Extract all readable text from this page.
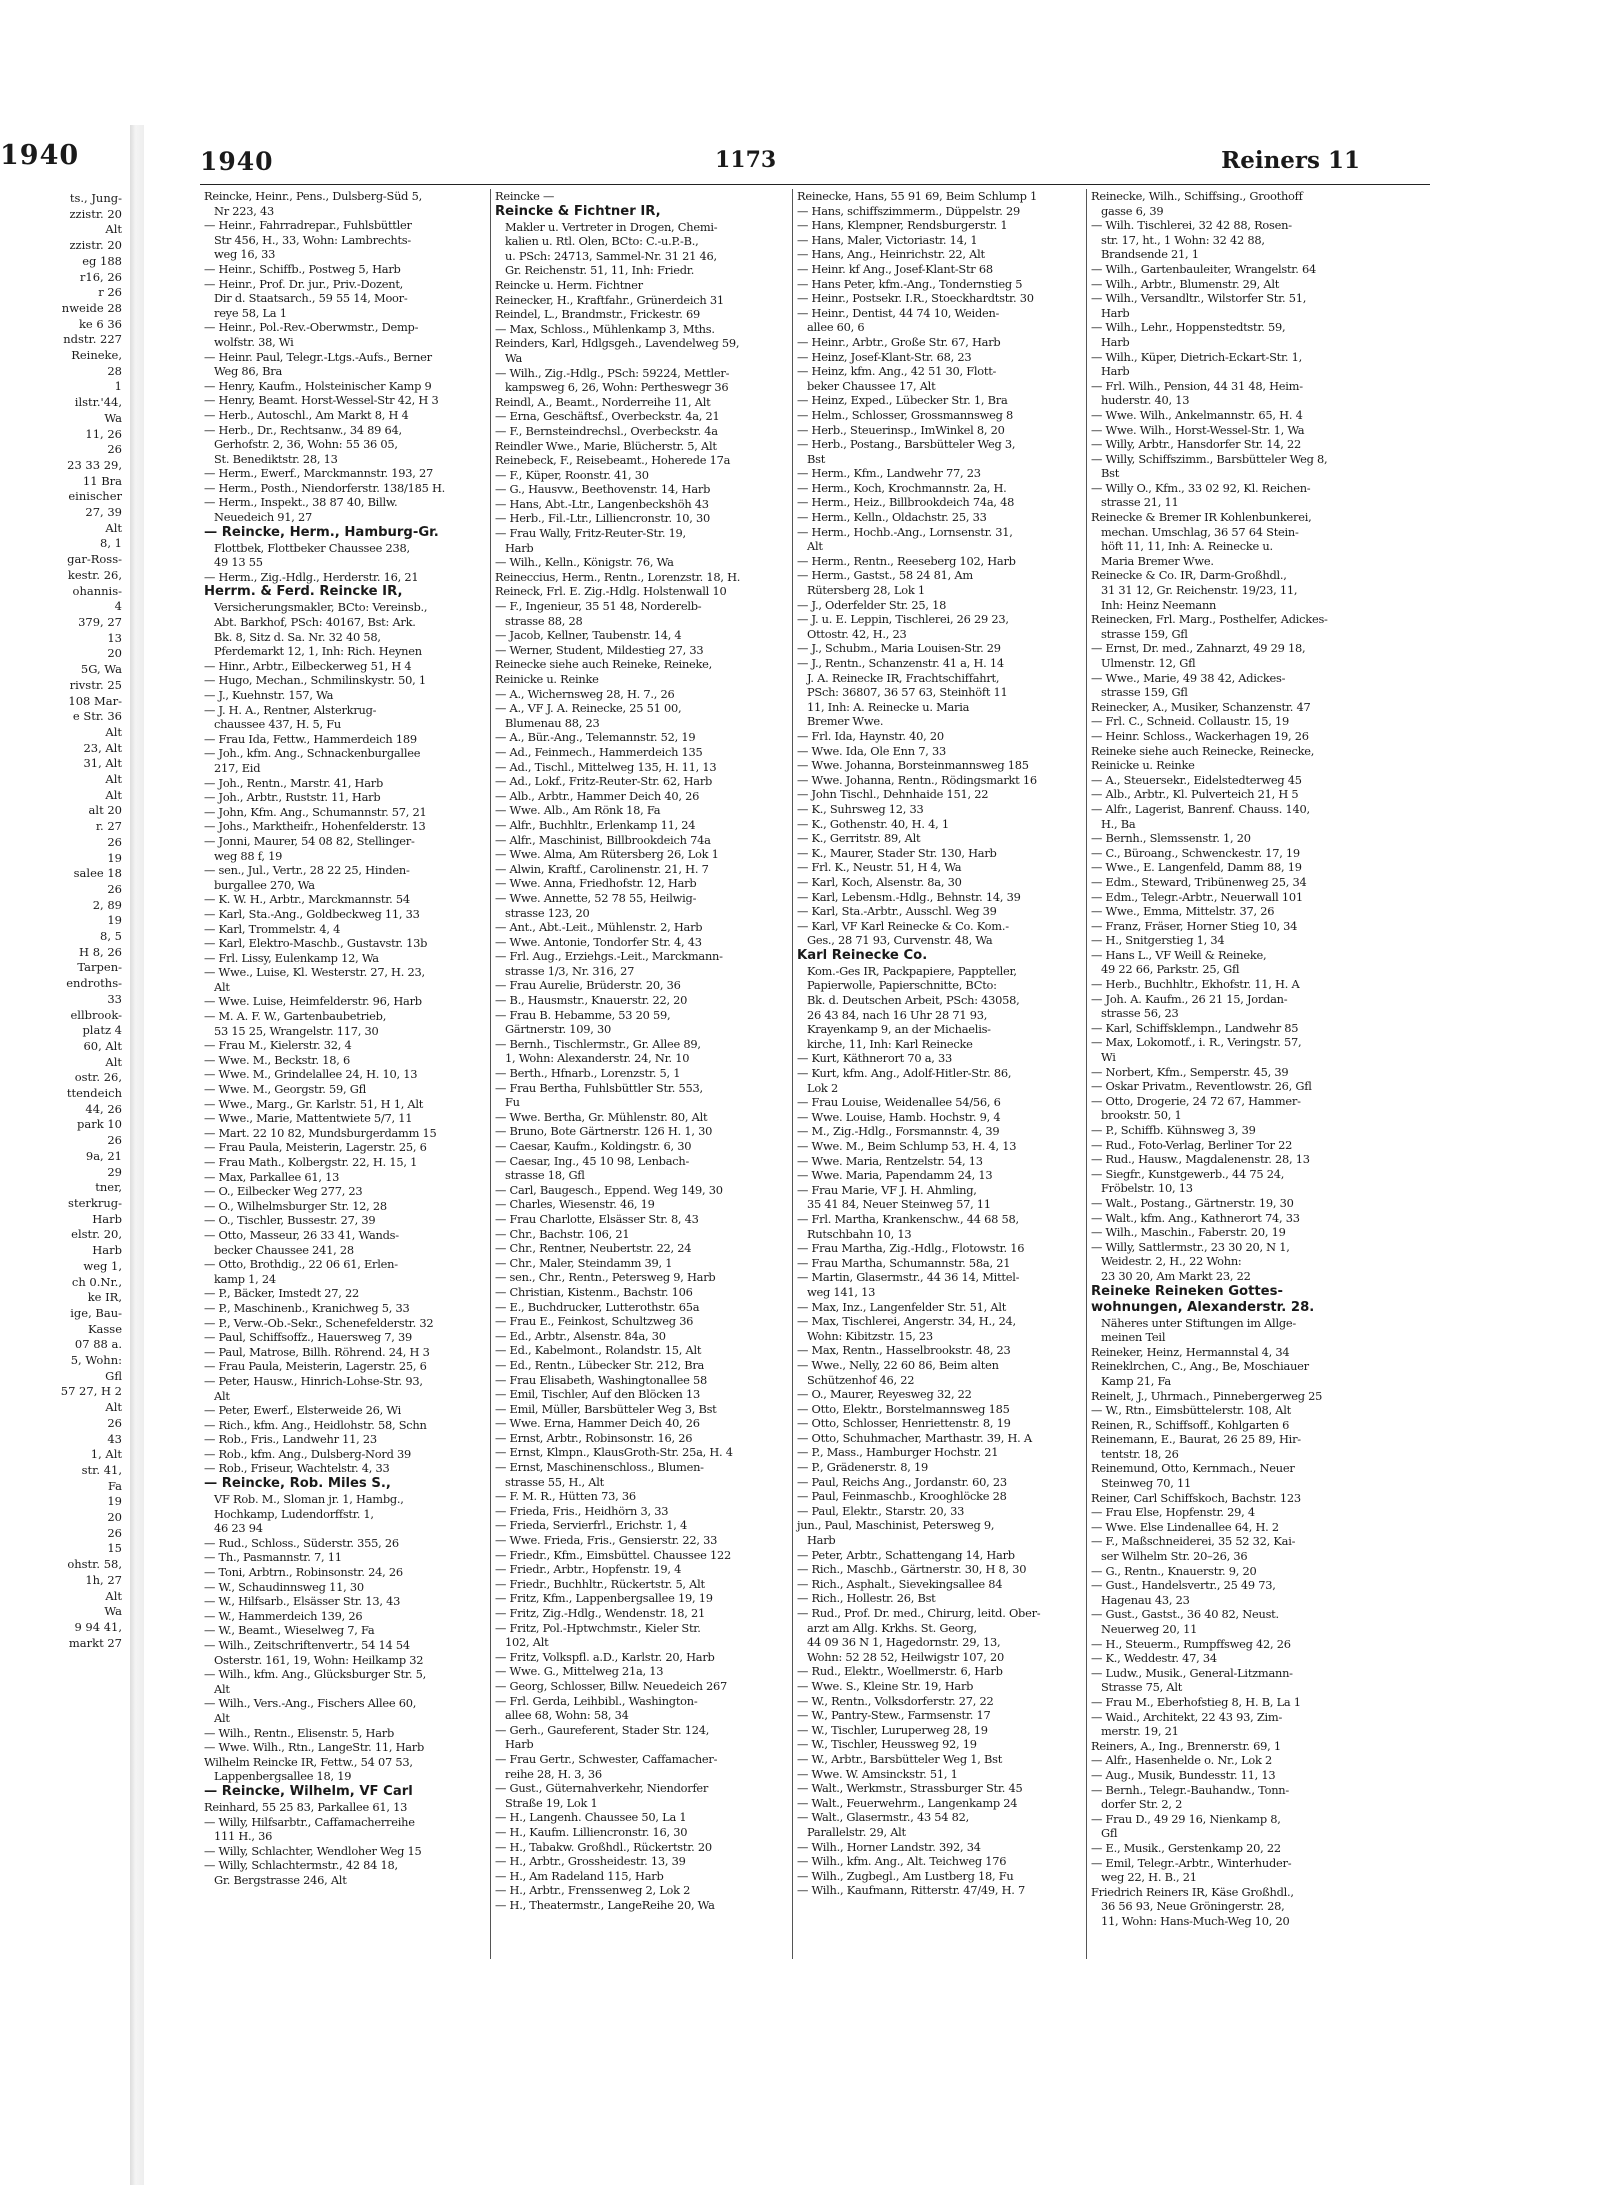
1940
ts., Jung-
zzistr. 20
Alt
zzistr. 20
eg 188
r16, 26
r 26
nweide 28
ke 6 36
ndstr. 227
Reineke,
28
1
ilstr.'44,
Wa
11, 26
26
23 33 29,
11 Bra
einischer
27, 39
Alt
8, 1
gar-Ross-
kestr. 26,
ohannis-
4
379, 27
13
20
5G, Wa
rivstr. 25
108 Mar-
e Str. 36
Alt
23, Alt
31, Alt
Alt
Alt
alt 20
r. 27
26
19
salee 18
26
2, 89
19
8, 5
H 8, 26
Tarpen-
endroths-
33
ellbrook-
platz 4
60, Alt
Alt
ostr. 26,
ttendeich
44, 26
park 10
26
9a, 21
29
tner,
sterkrug-
Harb
elstr. 20,
Harb
weg 1,
ch 0.Nr.,
ke IR,
ige, Bau-
Kasse
07 88 a.
5, Wohn:
Gfl
57 27, H 2
Alt
26
43
1, Alt
str. 41,
Fa
19
20
26
15
ohstr. 58,
1h, 27
Alt
Wa
9 94 41,
markt 27
1940	1173	Reiners 11
Reincke, Heinr., Pens., Dulsberg-Süd 5,
Nr 223, 43
— Heinr., Fahrradrepar., Fuhlsbüttler
Str 456, H., 33, Wohn: Lambrechts-
weg 16, 33
— Heinr., Schiffb., Postweg 5, Harb
— Heinr., Prof. Dr. jur., Priv.-Dozent,
Dir d. Staatsarch., 59 55 14, Moor-
reye 58, La 1
— Heinr., Pol.-Rev.-Oberwmstr., Demp-
wolfstr. 38, Wi
— Heinr. Paul, Telegr.-Ltgs.-Aufs., Berner
Weg 86, Bra
— Henry, Kaufm., Holsteinischer Kamp 9
— Henry, Beamt. Horst-Wessel-Str 42, H 3
— Herb., Autoschl., Am Markt 8, H 4
— Herb., Dr., Rechtsanw., 34 89 64,
Gerhofstr. 2, 36, Wohn: 55 36 05,
St. Benediktstr. 28, 13
— Herm., Ewerf., Marckmannstr. 193, 27
— Herm., Posth., Niendorferstr. 138/185 H.
— Herm., Inspekt., 38 87 40, Billw.
Neuedeich 91, 27
— Reincke, Herm., Hamburg-Gr.
Flottbek, Flottbeker Chaussee 238,
49 13 55
— Herm., Zig.-Hdlg., Herderstr. 16, 21
Herrm. & Ferd. Reincke IR,
Versicherungsmakler, BCto: Vereinsb.,
Abt. Barkhof, PSch: 40167, Bst: Ark.
Bk. 8, Sitz d. Sa. Nr. 32 40 58,
Pferdemarkt 12, 1, Inh: Rich. Heynen
— Hinr., Arbtr., Eilbeckerweg 51, H 4
— Hugo, Mechan., Schmilinskystr. 50, 1
— J., Kuehnstr. 157, Wa
— J. H. A., Rentner, Alsterkrug-
chaussee 437, H. 5, Fu
— Frau Ida, Fettw., Hammerdeich 189
— Joh., kfm. Ang., Schnackenburgallee
217, Eid
— Joh., Rentn., Marstr. 41, Harb
— Joh., Arbtr., Ruststr. 11, Harb
— John, Kfm. Ang., Schumannstr. 57, 21
— Johs., Marktheifr., Hohenfelderstr. 13
— Jonni, Maurer, 54 08 82, Stellinger-
weg 88 f, 19
— sen., Jul., Vertr., 28 22 25, Hinden-
burgallee 270, Wa
— K. W. H., Arbtr., Marckmannstr. 54
— Karl, Sta.-Ang., Goldbeckweg 11, 33
— Karl, Trommelstr. 4, 4
— Karl, Elektro-Maschb., Gustavstr. 13b
— Frl. Lissy, Eulenkamp 12, Wa
— Wwe., Luise, Kl. Westerstr. 27, H. 23,
Alt
— Wwe. Luise, Heimfelderstr. 96, Harb
— M. A. F. W., Gartenbaubetrieb,
53 15 25, Wrangelstr. 117, 30
— Frau M., Kielerstr. 32, 4
— Wwe. M., Beckstr. 18, 6
— Wwe. M., Grindelallee 24, H. 10, 13
— Wwe. M., Georgstr. 59, Gfl
— Wwe., Marg., Gr. Karlstr. 51, H 1, Alt
— Wwe., Marie, Mattentwiete 5/7, 11
— Mart. 22 10 82, Mundsburgerdamm 15
— Frau Paula, Meisterin, Lagerstr. 25, 6
— Frau Math., Kolbergstr. 22, H. 15, 1
— Max, Parkallee 61, 13
— O., Eilbecker Weg 277, 23
— O., Wilhelmsburger Str. 12, 28
— O., Tischler, Bussestr. 27, 39
— Otto, Masseur, 26 33 41, Wands-
becker Chaussee 241, 28
— Otto, Brothdig., 22 06 61, Erlen-
kamp 1, 24
— P., Bäcker, Imstedt 27, 22
— P., Maschinenb., Kranichweg 5, 33
— P., Verw.-Ob.-Sekr., Schenefelderstr. 32
— Paul, Schiffsoffz., Hauersweg 7, 39
— Paul, Matrose, Billh. Röhrend. 24, H 3
— Frau Paula, Meisterin, Lagerstr. 25, 6
— Peter, Hausw., Hinrich-Lohse-Str. 93,
Alt
— Peter, Ewerf., Elsterweide 26, Wi
— Rich., kfm. Ang., Heidlohstr. 58, Schn
— Rob., Fris., Landwehr 11, 23
— Rob., kfm. Ang., Dulsberg-Nord 39
— Rob., Friseur, Wachtelstr. 4, 33
— Reincke, Rob. Miles S.,
VF Rob. M., Sloman jr. 1, Hambg.,
Hochkamp, Ludendorffstr. 1,
46 23 94
— Rud., Schloss., Süderstr. 355, 26
— Th., Pasmannstr. 7, 11
— Toni, Arbtrn., Robinsonstr. 24, 26
— W., Schaudinnsweg 11, 30
— W., Hilfsarb., Elsässer Str. 13, 43
— W., Hammerdeich 139, 26
— W., Beamt., Wieselweg 7, Fa
— Wilh., Zeitschriftenvertr., 54 14 54
Osterstr. 161, 19, Wohn: Heilkamp 32
— Wilh., kfm. Ang., Glücksburger Str. 5,
Alt
— Wilh., Vers.-Ang., Fischers Allee 60,
Alt
— Wilh., Rentn., Elisenstr. 5, Harb
— Wwe. Wilh., Rtn., LangeStr. 11, Harb
Wilhelm Reincke IR, Fettw., 54 07 53,
Lappenbergsallee 18, 19
— Reincke, Wilhelm, VF Carl
Reinhard, 55 25 83, Parkallee 61, 13
— Willy, Hilfsarbtr., Caffamacherreihe
111 H., 36
— Willy, Schlachter, Wendloher Weg 15
— Willy, Schlachtermstr., 42 84 18,
Gr. Bergstrasse 246, Alt
Reincke —
Reincke & Fichtner IR,
Makler u. Vertreter in Drogen, Chemi-
kalien u. Rtl. Olen, BCto: C.-u.P.-B.,
u. PSch: 24713, Sammel-Nr. 31 21 46,
Gr. Reichenstr. 51, 11, Inh: Friedr.
Reincke u. Herm. Fichtner
Reinecker, H., Kraftfahr., Grünerdeich 31
Reindel, L., Brandmstr., Frickestr. 69
— Max, Schloss., Mühlenkamp 3, Mths.
Reinders, Karl, Hdlgsgeh., Lavendelweg 59,
Wa
— Wilh., Zig.-Hdlg., PSch: 59224, Mettler-
kampsweg 6, 26, Wohn: Pertheswegr 36
Reindl, A., Beamt., Norderreihe 11, Alt
— Erna, Geschäftsf., Overbeckstr. 4a, 21
— F., Bernsteindrechsl., Overbeckstr. 4a
Reindler Wwe., Marie, Blücherstr. 5, Alt
Reinebeck, F., Reisebeamt., Hoherede 17a
— F., Küper, Roonstr. 41, 30
— G., Hausvw., Beethovenstr. 14, Harb
— Hans, Abt.-Ltr., Langenbeckshöh 43
— Herb., Fil.-Ltr., Lilliencronstr. 10, 30
— Frau Wally, Fritz-Reuter-Str. 19,
Harb
— Wilh., Kelln., Königstr. 76, Wa
Reineccius, Herm., Rentn., Lorenzstr. 18, H.
Reineck, Frl. E. Zig.-Hdlg. Holstenwall 10
— F., Ingenieur, 35 51 48, Norderelb-
strasse 88, 28
— Jacob, Kellner, Taubenstr. 14, 4
— Werner, Student, Mildestieg 27, 33
Reinecke siehe auch Reineke, Reineke,
Reinicke u. Reinke
— A., Wichernsweg 28, H. 7., 26
— A., VF J. A. Reinecke, 25 51 00,
Blumenau 88, 23
— A., Bür.-Ang., Telemannstr. 52, 19
— Ad., Feinmech., Hammerdeich 135
— Ad., Tischl., Mittelweg 135, H. 11, 13
— Ad., Lokf., Fritz-Reuter-Str. 62, Harb
— Alb., Arbtr., Hammer Deich 40, 26
— Wwe. Alb., Am Rönk 18, Fa
— Alfr., Buchhltr., Erlenkamp 11, 24
— Alfr., Maschinist, Billbrookdeich 74a
— Wwe. Alma, Am Rütersberg 26, Lok 1
— Alwin, Kraftf., Carolinenstr. 21, H. 7
— Wwe. Anna, Friedhofstr. 12, Harb
— Wwe. Annette, 52 78 55, Heilwig-
strasse 123, 20
— Ant., Abt.-Leit., Mühlenstr. 2, Harb
— Wwe. Antonie, Tondorfer Str. 4, 43
— Frl. Aug., Erziehgs.-Leit., Marckmann-
strasse 1/3, Nr. 316, 27
— Frau Aurelie, Brüderstr. 20, 36
— B., Hausmstr., Knauerstr. 22, 20
— Frau B. Hebamme, 53 20 59,
Gärtnerstr. 109, 30
— Bernh., Tischlermstr., Gr. Allee 89,
1, Wohn: Alexanderstr. 24, Nr. 10
— Berth., Hfnarb., Lorenzstr. 5, 1
— Frau Bertha, Fuhlsbüttler Str. 553,
Fu
— Wwe. Bertha, Gr. Mühlenstr. 80, Alt
— Bruno, Bote Gärtnerstr. 126 H. 1, 30
— Caesar, Kaufm., Koldingstr. 6, 30
— Caesar, Ing., 45 10 98, Lenbach-
strasse 18, Gfl
— Carl, Baugesch., Eppend. Weg 149, 30
— Charles, Wiesenstr. 46, 19
— Frau Charlotte, Elsässer Str. 8, 43
— Chr., Bachstr. 106, 21
— Chr., Rentner, Neubertstr. 22, 24
— Chr., Maler, Steindamm 39, 1
— sen., Chr., Rentn., Petersweg 9, Harb
— Christian, Kistenm., Bachstr. 106
— E., Buchdrucker, Lutterothstr. 65a
— Frau E., Feinkost, Schultzweg 36
— Ed., Arbtr., Alsenstr. 84a, 30
— Ed., Kabelmont., Rolandstr. 15, Alt
— Ed., Rentn., Lübecker Str. 212, Bra
— Frau Elisabeth, Washingtonallee 58
— Emil, Tischler, Auf den Blöcken 13
— Emil, Müller, Barsbütteler Weg 3, Bst
— Wwe. Erna, Hammer Deich 40, 26
— Ernst, Arbtr., Robinsonstr. 16, 26
— Ernst, Klmpn., KlausGroth-Str. 25a, H. 4
— Ernst, Maschinenschloss., Blumen-
strasse 55, H., Alt
— F. M. R., Hütten 73, 36
— Frieda, Fris., Heidhörn 3, 33
— Frieda, Servierfrl., Erichstr. 1, 4
— Wwe. Frieda, Fris., Gensierstr. 22, 33
— Friedr., Kfm., Eimsbüttel. Chaussee 122
— Friedr., Arbtr., Hopfenstr. 19, 4
— Friedr., Buchhltr., Rückertstr. 5, Alt
— Fritz, Kfm., Lappenbergsallee 19, 19
— Fritz, Zig.-Hdlg., Wendenstr. 18, 21
— Fritz, Pol.-Hptwchmstr., Kieler Str.
102, Alt
— Fritz, Volkspfl. a.D., Karlstr. 20, Harb
— Wwe. G., Mittelweg 21a, 13
— Georg, Schlosser, Billw. Neuedeich 267
— Frl. Gerda, Leihbibl., Washington-
allee 68, Wohn: 58, 34
— Gerh., Gaureferent, Stader Str. 124,
Harb
— Frau Gertr., Schwester, Caffamacher-
reihe 28, H. 3, 36
— Gust., Güternahverkehr, Niendorfer
Straße 19, Lok 1
— H., Langenh. Chaussee 50, La 1
— H., Kaufm. Lilliencronstr. 16, 30
— H., Tabakw. Großhdl., Rückertstr. 20
— H., Arbtr., Grossheidestr. 13, 39
— H., Am Radeland 115, Harb
— H., Arbtr., Frenssenweg 2, Lok 2
— H., Theatermstr., LangeReihe 20, Wa
Reinecke, Hans, 55 91 69, Beim Schlump 1
— Hans, schiffszimmerm., Düppelstr. 29
— Hans, Klempner, Rendsburgerstr. 1
— Hans, Maler, Victoriastr. 14, 1
— Hans, Ang., Heinrichstr. 22, Alt
— Heinr. kf Ang., Josef-Klant-Str 68
— Hans Peter, kfm.-Ang., Tondernstieg 5
— Heinr., Postsekr. I.R., Stoeckhardtstr. 30
— Heinr., Dentist, 44 74 10, Weiden-
allee 60, 6
— Heinr., Arbtr., Große Str. 67, Harb
— Heinz, Josef-Klant-Str. 68, 23
— Heinz, kfm. Ang., 42 51 30, Flott-
beker Chaussee 17, Alt
— Heinz, Exped., Lübecker Str. 1, Bra
— Helm., Schlosser, Grossmannsweg 8
— Herb., Steuerinsp., ImWinkel 8, 20
— Herb., Postang., Barsbütteler Weg 3,
Bst
— Herm., Kfm., Landwehr 77, 23
— Herm., Koch, Krochmannstr. 2a, H.
— Herm., Heiz., Billbrookdeich 74a, 48
— Herm., Kelln., Oldachstr. 25, 33
— Herm., Hochb.-Ang., Lornsenstr. 31,
Alt
— Herm., Rentn., Reeseberg 102, Harb
— Herm., Gastst., 58 24 81, Am
Rütersberg 28, Lok 1
— J., Oderfelder Str. 25, 18
— J. u. E. Leppin, Tischlerei, 26 29 23,
Ottostr. 42, H., 23
— J., Schubm., Maria Louisen-Str. 29
— J., Rentn., Schanzenstr. 41 a, H. 14
J. A. Reinecke IR, Frachtschiffahrt,
PSch: 36807, 36 57 63, Steinhöft 11
11, Inh: A. Reinecke u. Maria
Bremer Wwe.
— Frl. Ida, Haynstr. 40, 20
— Wwe. Ida, Ole Enn 7, 33
— Wwe. Johanna, Borsteinmannsweg 185
— Wwe. Johanna, Rentn., Rödingsmarkt 16
— John Tischl., Dehnhaide 151, 22
— K., Suhrsweg 12, 33
— K., Gothenstr. 40, H. 4, 1
— K., Gerritstr. 89, Alt
— K., Maurer, Stader Str. 130, Harb
— Frl. K., Neustr. 51, H 4, Wa
— Karl, Koch, Alsenstr. 8a, 30
— Karl, Lebensm.-Hdlg., Behnstr. 14, 39
— Karl, Sta.-Arbtr., Ausschl. Weg 39
— Karl, VF Karl Reinecke & Co. Kom.-
Ges., 28 71 93, Curvenstr. 48, Wa
Karl Reinecke Co.
Kom.-Ges IR, Packpapiere, Pappteller,
Papierwolle, Papierschnitte, BCto:
Bk. d. Deutschen Arbeit, PSch: 43058,
26 43 84, nach 16 Uhr 28 71 93,
Krayenkamp 9, an der Michaelis-
kirche, 11, Inh: Karl Reinecke
— Kurt, Käthnerort 70 a, 33
— Kurt, kfm. Ang., Adolf-Hitler-Str. 86,
Lok 2
— Frau Louise, Weidenallee 54/56, 6
— Wwe. Louise, Hamb. Hochstr. 9, 4
— M., Zig.-Hdlg., Forsmannstr. 4, 39
— Wwe. M., Beim Schlump 53, H. 4, 13
— Wwe. Maria, Rentzelstr. 54, 13
— Wwe. Maria, Papendamm 24, 13
— Frau Marie, VF J. H. Ahmling,
35 41 84, Neuer Steinweg 57, 11
— Frl. Martha, Krankenschw., 44 68 58,
Rutschbahn 10, 13
— Frau Martha, Zig.-Hdlg., Flotowstr. 16
— Frau Martha, Schumannstr. 58a, 21
— Martin, Glasermstr., 44 36 14, Mittel-
weg 141, 13
— Max, Inz., Langenfelder Str. 51, Alt
— Max, Tischlerei, Angerstr. 34, H., 24,
Wohn: Kibitzstr. 15, 23
— Max, Rentn., Hasselbrookstr. 48, 23
— Wwe., Nelly, 22 60 86, Beim alten
Schützenhof 46, 22
— O., Maurer, Reyesweg 32, 22
— Otto, Elektr., Borstelmannsweg 185
— Otto, Schlosser, Henriettenstr. 8, 19
— Otto, Schuhmacher, Marthastr. 39, H. A
— P., Mass., Hamburger Hochstr. 21
— P., Grädenerstr. 8, 19
— Paul, Reichs Ang., Jordanstr. 60, 23
— Paul, Feinmaschb., Krooghlöcke 28
— Paul, Elektr., Starstr. 20, 33
jun., Paul, Maschinist, Petersweg 9,
Harb
— Peter, Arbtr., Schattengang 14, Harb
— Rich., Maschb., Gärtnerstr. 30, H 8, 30
— Rich., Asphalt., Sievekingsallee 84
— Rich., Hollestr. 26, Bst
— Rud., Prof. Dr. med., Chirurg, leitd. Ober-
arzt am Allg. Krkhs. St. Georg,
44 09 36 N 1, Hagedornstr. 29, 13,
Wohn: 52 28 52, Heilwigstr 107, 20
— Rud., Elektr., Woellmerstr. 6, Harb
— Wwe. S., Kleine Str. 19, Harb
— W., Rentn., Volksdorferstr. 27, 22
— W., Pantry-Stew., Farmsenstr. 17
— W., Tischler, Luruperweg 28, 19
— W., Tischler, Heussweg 92, 19
— W., Arbtr., Barsbütteler Weg 1, Bst
— Wwe. W. Amsinckstr. 51, 1
— Walt., Werkmstr., Strassburger Str. 45
— Walt., Feuerwehrm., Langenkamp 24
— Walt., Glasermstr., 43 54 82,
Parallelstr. 29, Alt
— Wilh., Horner Landstr. 392, 34
— Wilh., kfm. Ang., Alt. Teichweg 176
— Wilh., Zugbegl., Am Lustberg 18, Fu
— Wilh., Kaufmann, Ritterstr. 47/49, H. 7
Reinecke, Wilh., Schiffsing., Groothoff
gasse 6, 39
— Wilh. Tischlerei, 32 42 88, Rosen-
str. 17, ht., 1 Wohn: 32 42 88,
Brandsende 21, 1
— Wilh., Gartenbauleiter, Wrangelstr. 64
— Wilh., Arbtr., Blumenstr. 29, Alt
— Wilh., Versandltr., Wilstorfer Str. 51,
Harb
— Wilh., Lehr., Hoppenstedtstr. 59,
Harb
— Wilh., Küper, Dietrich-Eckart-Str. 1,
Harb
— Frl. Wilh., Pension, 44 31 48, Heim-
huderstr. 40, 13
— Wwe. Wilh., Ankelmannstr. 65, H. 4
— Wwe. Wilh., Horst-Wessel-Str. 1, Wa
— Willy, Arbtr., Hansdorfer Str. 14, 22
— Willy, Schiffszimm., Barsbütteler Weg 8,
Bst
— Willy O., Kfm., 33 02 92, Kl. Reichen-
strasse 21, 11
Reinecke & Bremer IR Kohlenbunkerei,
mechan. Umschlag, 36 57 64 Stein-
höft 11, 11, Inh: A. Reinecke u.
Maria Bremer Wwe.
Reinecke & Co. IR, Darm-Großhdl.,
31 31 12, Gr. Reichenstr. 19/23, 11,
Inh: Heinz Neemann
Reinecken, Frl. Marg., Posthelfer, Adickes-
strasse 159, Gfl
— Ernst, Dr. med., Zahnarzt, 49 29 18,
Ulmenstr. 12, Gfl
— Wwe., Marie, 49 38 42, Adickes-
strasse 159, Gfl
Reinecker, A., Musiker, Schanzenstr. 47
— Frl. C., Schneid. Collaustr. 15, 19
— Heinr. Schloss., Wackerhagen 19, 26
Reineke siehe auch Reinecke, Reinecke,
Reinicke u. Reinke
— A., Steuersekr., Eidelstedterweg 45
— Alb., Arbtr., Kl. Pulverteich 21, H 5
— Alfr., Lagerist, Banrenf. Chauss. 140,
H., Ba
— Bernh., Slemssenstr. 1, 20
— C., Büroang., Schwenckestr. 17, 19
— Wwe., E. Langenfeld, Damm 88, 19
— Edm., Steward, Tribünenweg 25, 34
— Edm., Telegr.-Arbtr., Neuerwall 101
— Wwe., Emma, Mittelstr. 37, 26
— Franz, Fräser, Horner Stieg 10, 34
— H., Snitgerstieg 1, 34
— Hans L., VF Weill & Reineke,
49 22 66, Parkstr. 25, Gfl
— Herb., Buchhltr., Ekhofstr. 11, H. A
— Joh. A. Kaufm., 26 21 15, Jordan-
strasse 56, 23
— Karl, Schiffsklempn., Landwehr 85
— Max, Lokomotf., i. R., Veringstr. 57,
Wi
— Norbert, Kfm., Semperstr. 45, 39
— Oskar Privatm., Reventlowstr. 26, Gfl
— Otto, Drogerie, 24 72 67, Hammer-
brookstr. 50, 1
— P., Schiffb. Kühnsweg 3, 39
— Rud., Foto-Verlag, Berliner Tor 22
— Rud., Hausw., Magdalenenstr. 28, 13
— Siegfr., Kunstgewerb., 44 75 24,
Fröbelstr. 10, 13
— Walt., Postang., Gärtnerstr. 19, 30
— Walt., kfm. Ang., Kathnerort 74, 33
— Wilh., Maschin., Faberstr. 20, 19
— Willy, Sattlermstr., 23 30 20, N 1,
Weidestr. 2, H., 22 Wohn:
23 30 20, Am Markt 23, 22
Reineke Reineken Gottes-
wohnungen, Alexanderstr. 28.
Näheres unter Stiftungen im Allge-
meinen Teil
Reineker, Heinz, Hermannstal 4, 34
Reineklrchen, C., Ang., Be, Moschiauer
Kamp 21, Fa
Reinelt, J., Uhrmach., Pinnebergerweg 25
— W., Rtn., Eimsbüttelerstr. 108, Alt
Reinen, R., Schiffsoff., Kohlgarten 6
Reinemann, E., Baurat, 26 25 89, Hir-
tentstr. 18, 26
Reinemund, Otto, Kernmach., Neuer
Steinweg 70, 11
Reiner, Carl Schiffskoch, Bachstr. 123
— Frau Else, Hopfenstr. 29, 4
— Wwe. Else Lindenallee 64, H. 2
— F., Maßschneiderei, 35 52 32, Kai-
ser Wilhelm Str. 20–26, 36
— G., Rentn., Knauerstr. 9, 20
— Gust., Handelsvertr., 25 49 73,
Hagenau 43, 23
— Gust., Gastst., 36 40 82, Neust.
Neuerweg 20, 11
— H., Steuerm., Rumpffsweg 42, 26
— K., Weddestr. 47, 34
— Ludw., Musik., General-Litzmann-
Strasse 75, Alt
— Frau M., Eberhofstieg 8, H. B, La 1
— Waid., Architekt, 22 43 93, Zim-
merstr. 19, 21
Reiners, A., Ing., Brennerstr. 69, 1
— Alfr., Hasenhelde o. Nr., Lok 2
— Aug., Musik, Bundesstr. 11, 13
— Bernh., Telegr.-Bauhandw., Tonn-
dorfer Str. 2, 2
— Frau D., 49 29 16, Nienkamp 8,
Gfl
— E., Musik., Gerstenkamp 20, 22
— Emil, Telegr.-Arbtr., Winterhuder-
weg 22, H. B., 21
Friedrich Reiners IR, Käse Großhdl.,
36 56 93, Neue Gröningerstr. 28,
11, Wohn: Hans-Much-Weg 10, 20
